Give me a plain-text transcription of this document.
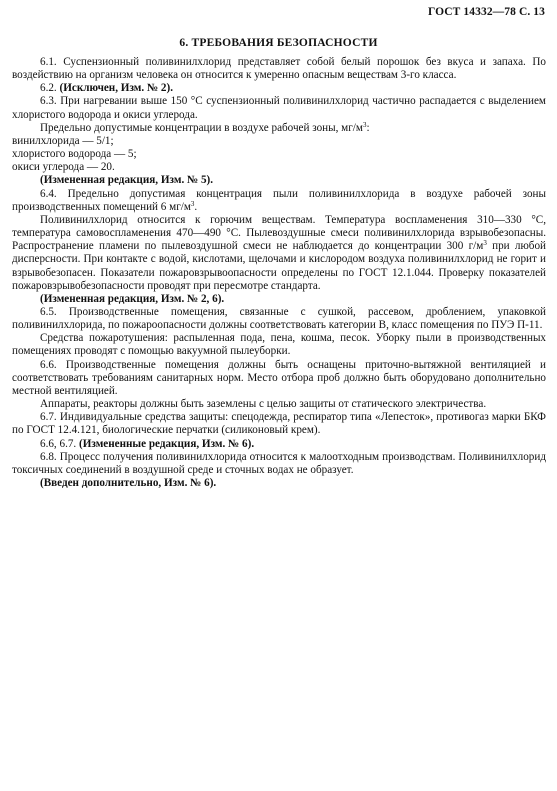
ГОСТ 14332—78 С. 13
6. ТРЕБОВАНИЯ БЕЗОПАСНОСТИ

6.1. Суспензионный поливинилхлорид представляет собой белый порошок без вкуса и запаха. По воздействию на организм человека он относится к умеренно опасным веществам 3-го класса.

6.2. (Исключен, Изм. № 2).

6.3. При нагревании выше 150 °С суспензионный поливинилхлорид частично распадается с выделением хлористого водорода и окиси углерода.

Предельно допустимые концентрации в воздухе рабочей зоны, $мг/м^3$:

винилхлорида — 5/1;

хлористого водорода — 5;

окиси углерода — 20.

(Измененная редакция, Изм. № 5).

6.4. Предельно допустимая концентрация пыли поливинилхлорида в воздухе рабочей зоны производственных помещений 6 $мг/м^3$.

Поливинилхлорид относится к горючим веществам. Температура воспламенения 310—330 °С, температура самовоспламенения 470—490 °С. Пылевоздушные смеси поливинилхлорида взрывобезопасны. Распространение пламени по пылевоздушной смеси не наблюдается до концентрации 300 $г/м^3$ при любой дисперсности. При контакте с водой, кислотами, щелочами и кислородом воздуха поливинилхлорид не горит и взрывобезопасен. Показатели пожаровзрывоопасности определены по ГОСТ 12.1.044. Проверку показателей пожаровзрывобезопасности проводят при пересмотре стандарта.

(Измененная редакция, Изм. № 2, 6).

6.5. Производственные помещения, связанные с сушкой, рассевом, дроблением, упаковкой поливинилхлорида, по пожароопасности должны соответствовать категории В, класс помещения по ПУЭ П-11.

Средства пожаротушения: распыленная пода, пена, кошма, песок. Уборку пыли в производственных помещениях проводят с помощью вакуумной пылеуборки.

6.6. Производственные помещения должны быть оснащены приточно-вытяжной вентиляцией и соответствовать требованиям санитарных норм. Место отбора проб должно быть оборудовано дополнительно местной вентиляцией.

Аппараты, реакторы должны быть заземлены с целью защиты от статического электричества.

6.7. Индивидуальные средства защиты: спецодежда, респиратор типа «Лепесток», противогаз марки БКФ по ГОСТ 12.4.121, биологические перчатки (силиконовый крем).

6.6, 6.7. (Измененные редакция, Изм. № 6).

6.8. Процесс получения поливинилхлорида относится к малоотходным производствам. Поливинилхлорид токсичных соединений в воздушной среде и сточных водах не образует.

(Введен дополнительно, Изм. № 6).
